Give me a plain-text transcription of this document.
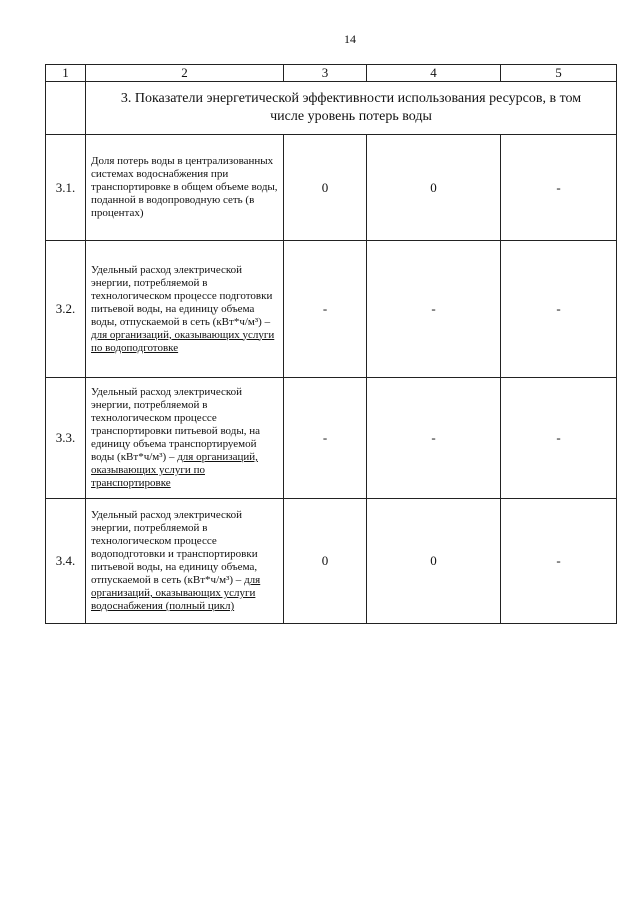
14
1	2	3	4	5

	3. Показатели энергетической эффективности использования ресурсов, в том
числе уровень потерь воды			

3.1.	Доля потерь воды в централизованных системах водоснабжения при транспортировке в общем объеме воды, поданной в водопроводную сеть (в процентах)	0	0	-
3.2.	Удельный расход электрической энергии, потребляемой в технологическом процессе подготовки питьевой воды, на единицу объема воды, отпускаемой в сеть (кВт*ч/м³) – для организаций, оказывающих услуги по водоподготовке	-	-	-
3.3.	Удельный расход электрической энергии, потребляемой в технологическом процессе транспортировки питьевой воды, на единицу объема транспортируемой воды (кВт*ч/м³) – для организаций, оказывающих услуги по транспортировке	-	-	-
3.4.	Удельный расход электрической энергии, потребляемой в технологическом процессе водоподготовки и транспортировки питьевой воды, на единицу объема, отпускаемой в сеть (кВт*ч/м³) – для организаций, оказывающих услуги водоснабжения (полный цикл)	0	0	-
